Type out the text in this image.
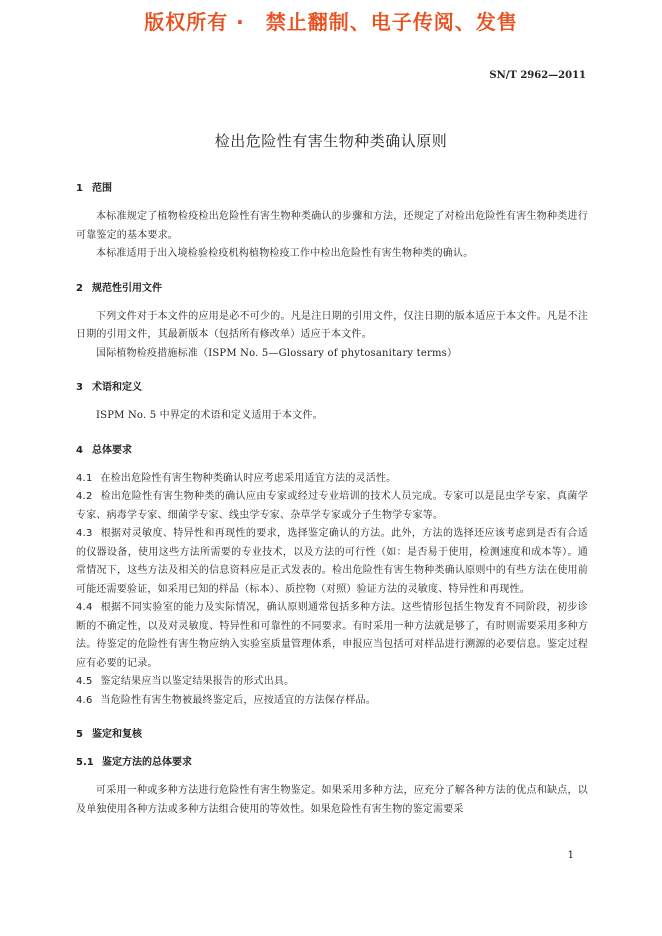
版权所有 ·　禁止翻制、电子传阅、发售
SN/T 2962—2011
检出危险性有害生物种类确认原则
1 范围

本标准规定了植物检疫检出危险性有害生物种类确认的步骤和方法，还规定了对检出危险性有害生物种类进行可靠鉴定的基本要求。

本标准适用于出入境检验检疫机构植物检疫工作中检出危险性有害生物种类的确认。

2 规范性引用文件

下列文件对于本文件的应用是必不可少的。凡是注日期的引用文件，仅注日期的版本适应于本文件。凡是不注日期的引用文件，其最新版本（包括所有修改单）适应于本文件。

国际植物检疫措施标准（ISPM No. 5—Glossary of phytosanitary terms）

3 术语和定义

ISPM No. 5 中界定的术语和定义适用于本文件。

4 总体要求

4.1 在检出危险性有害生物种类确认时应考虑采用适宜方法的灵活性。

4.2 检出危险性有害生物种类的确认应由专家或经过专业培训的技术人员完成。专家可以是昆虫学专家、真菌学专家、病毒学专家、细菌学专家、线虫学专家、杂草学专家或分子生物学专家等。

4.3 根据对灵敏度、特异性和再现性的要求，选择鉴定确认的方法。此外，方法的选择还应该考虑到是否有合适的仪器设备，使用这些方法所需要的专业技术，以及方法的可行性（如：是否易于使用，检测速度和成本等）。通常情况下，这些方法及相关的信息资料应是正式发表的。检出危险性有害生物种类确认原则中的有些方法在使用前可能还需要验证，如采用已知的样品（标本）、质控物（对照）验证方法的灵敏度、特异性和再现性。

4.4 根据不同实验室的能力及实际情况，确认原则通常包括多种方法。这些情形包括生物发育不同阶段，初步诊断的不确定性，以及对灵敏度、特异性和可靠性的不同要求。有时采用一种方法就是够了，有时则需要采用多种方法。待鉴定的危险性有害生物应纳入实验室质量管理体系，申报应当包括可对样品进行溯源的必要信息。鉴定过程应有必要的记录。

4.5 鉴定结果应当以鉴定结果报告的形式出具。

4.6 当危险性有害生物被最终鉴定后，应按适宜的方法保存样品。

5 鉴定和复核
5.1 鉴定方法的总体要求

可采用一种或多种方法进行危险性有害生物鉴定。如果采用多种方法，应充分了解各种方法的优点和缺点，以及单独使用各种方法或多种方法组合使用的等效性。如果危险性有害生物的鉴定需要采

1
